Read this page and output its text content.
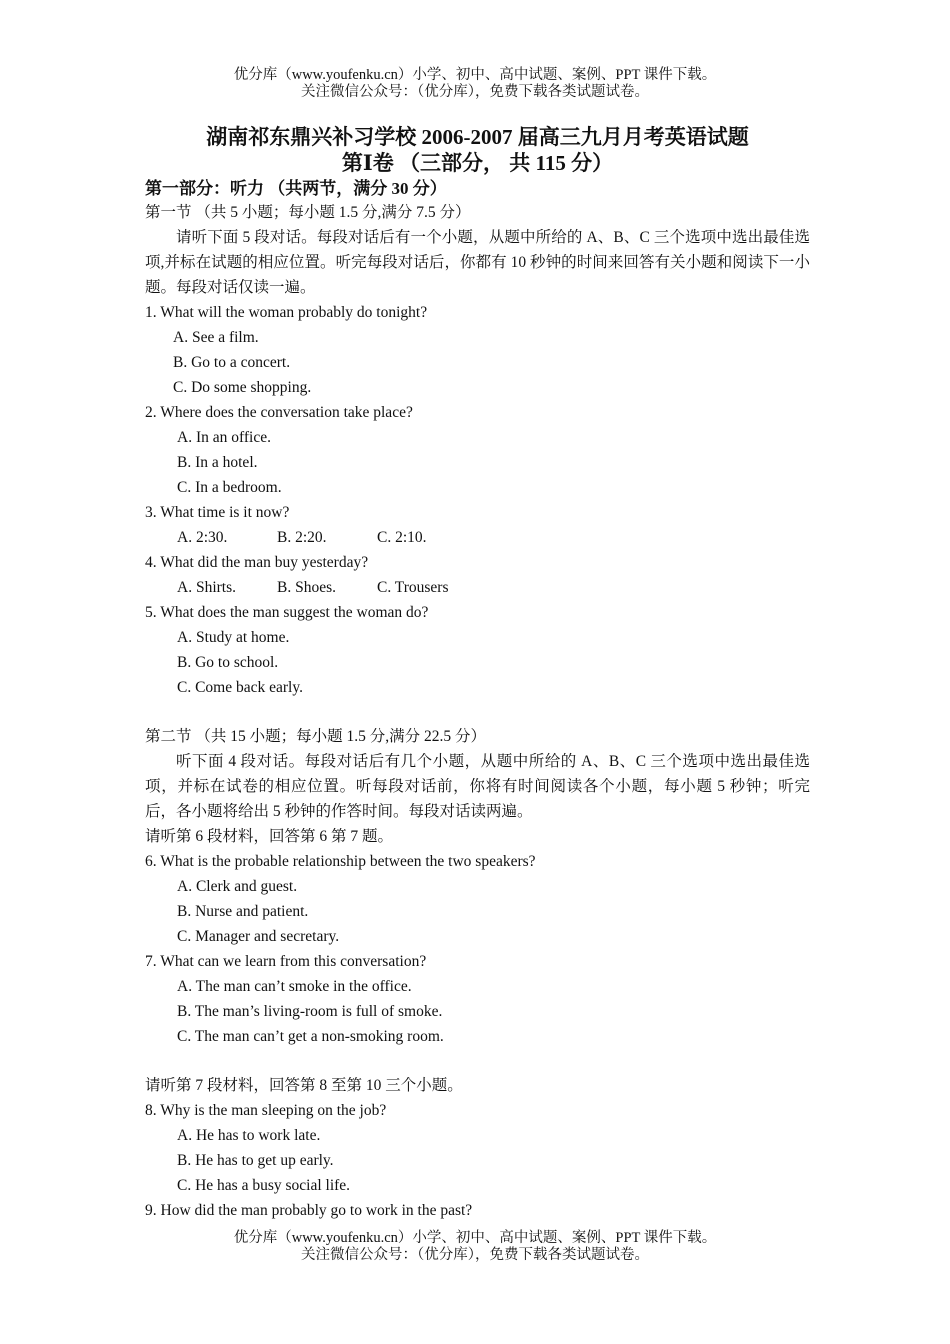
优分库（www.youfenku.cn）小学、初中、高中试题、案例、PPT 课件下载。
关注微信公众号：（优分库），免费下载各类试题试卷。
湖南祁东鼎兴补习学校 2006-2007 届高三九月月考英语试题
第Ⅰ卷 （三部分， 共 115 分）
第一部分：听力 （共两节，满分 30 分）
第一节 （共 5 小题；每小题 1.5 分,满分 7.5 分）
请听下面 5 段对话。每段对话后有一个小题，从题中所给的 A、B、C 三个选项中选出最佳选项,并标在试题的相应位置。听完每段对话后，你都有 10 秒钟的时间来回答有关小题和阅读下一小题。每段对话仅读一遍。
1. What will the woman probably do tonight?
A. See a film.
B. Go to a concert.
C. Do some shopping.
2. Where does the conversation take place?
A. In an office.
B. In a hotel.
C. In a bedroom.
3. What time is it now?
A. 2:30.	B. 2:20.	C. 2:10.
4. What did the man buy yesterday?
A. Shirts.	B. Shoes.	C. Trousers
5. What does the man suggest the woman do?
A. Study at home.
B. Go to school.
C. Come back early.
第二节 （共 15 小题；每小题 1.5 分,满分 22.5 分）
听下面 4 段对话。每段对话后有几个小题，从题中所给的 A、B、C 三个选项中选出最佳选项，并标在试卷的相应位置。听每段对话前，你将有时间阅读各个小题，每小题 5 秒钟；听完后，各小题将给出 5 秒钟的作答时间。每段对话读两遍。
请听第 6 段材料，回答第 6 第 7 题。
6. What is the probable relationship between the two speakers?
A. Clerk and guest.
B. Nurse and patient.
C. Manager and secretary.
7. What can we learn from this conversation?
A. The man can’t smoke in the office.
B. The man’s living-room is full of smoke.
C. The man can’t get a non-smoking room.
请听第 7 段材料，回答第 8 至第 10 三个小题。
8. Why is the man sleeping on the job?
A. He has to work late.
B. He has to get up early.
C. He has a busy social life.
9. How did the man probably go to work in the past?
优分库（www.youfenku.cn）小学、初中、高中试题、案例、PPT 课件下载。
关注微信公众号：（优分库），免费下载各类试题试卷。
